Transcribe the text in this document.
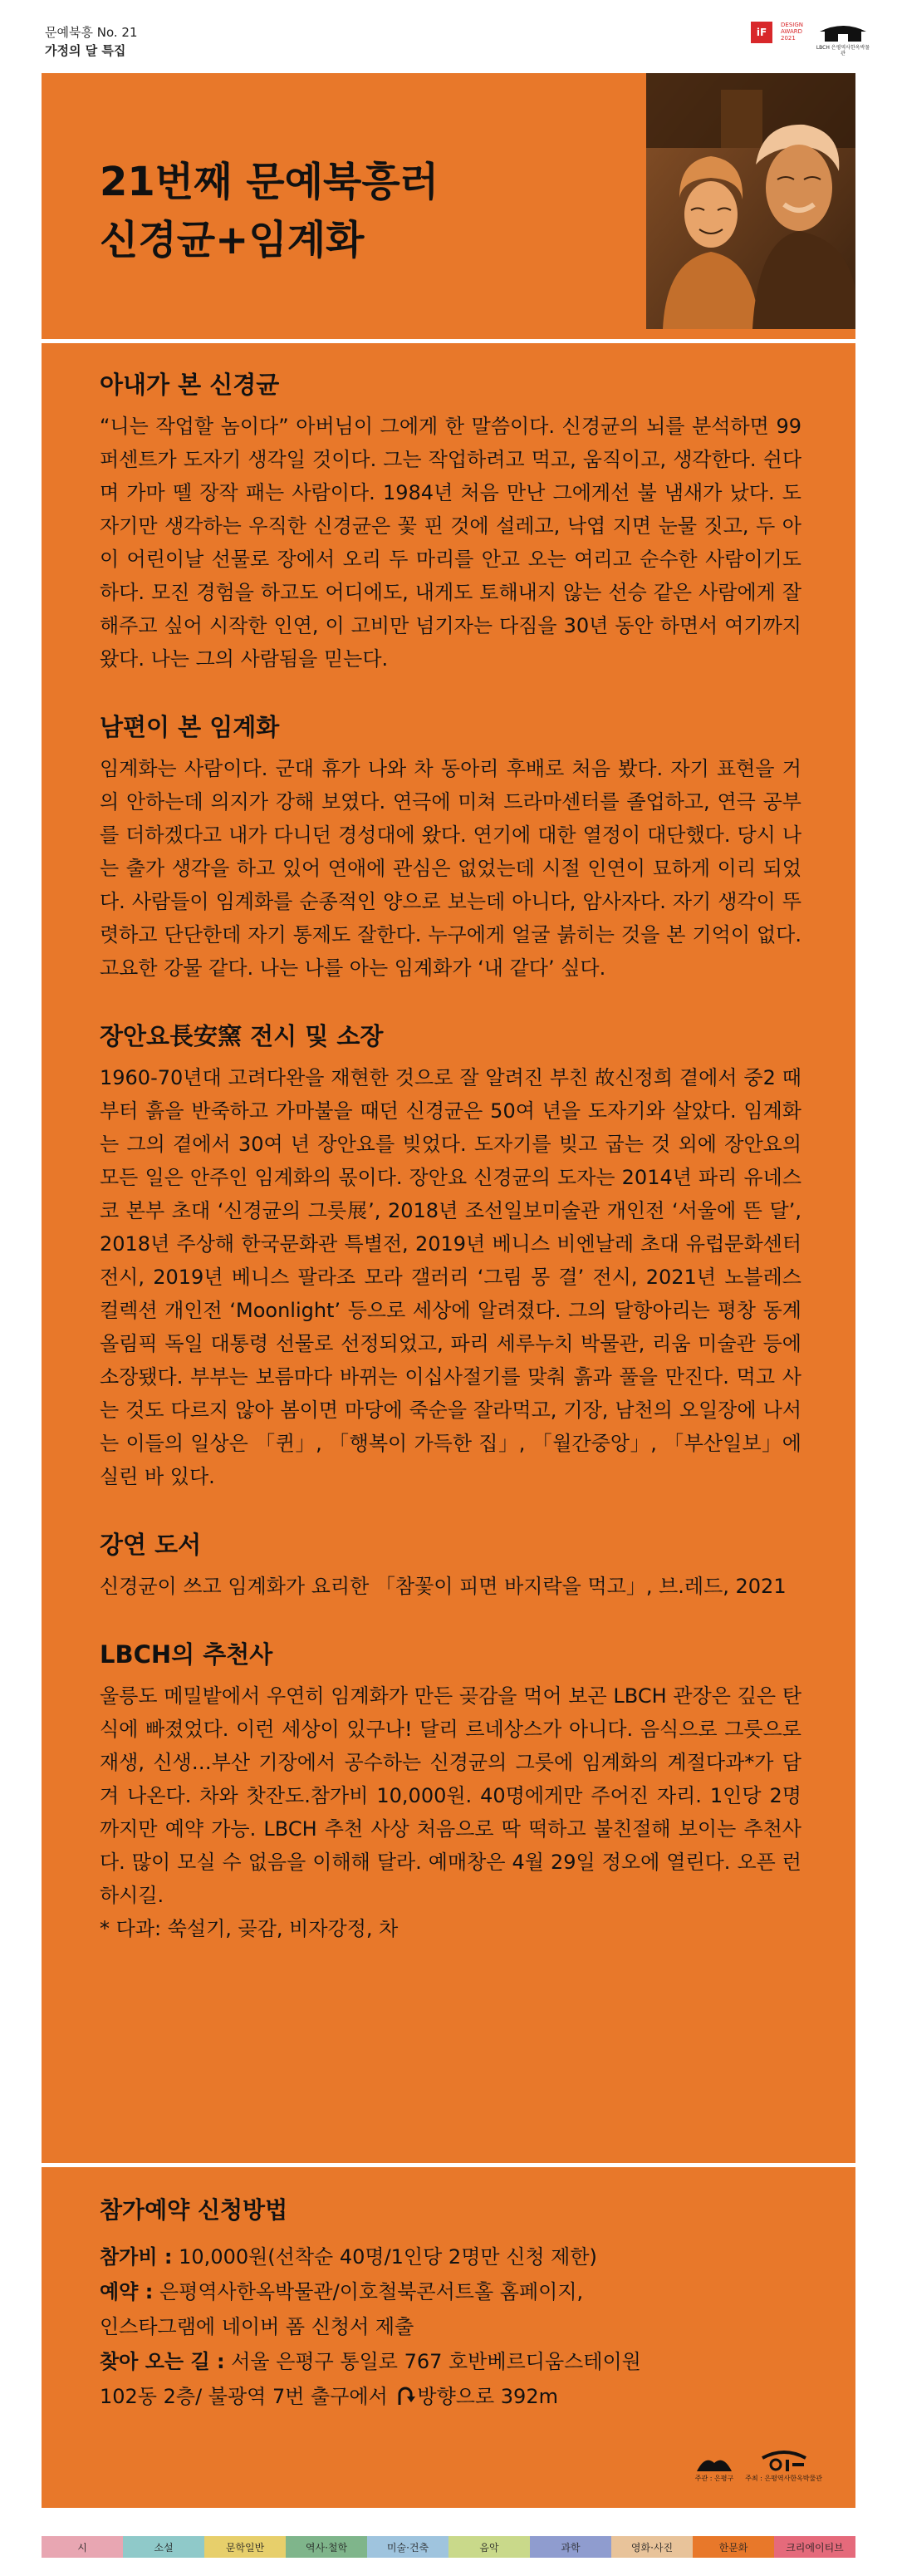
문예북흥 No. 21
가정의 달 특집
iF
DESIGN AWARD 2021
LBCH 은평역사한옥박물관
21번째 문예북흥러
신경균+임계화
아내가 본 신경균

“니는 작업할 놈이다” 아버님이 그에게 한 말씀이다. 신경균의 뇌를 분석하면 99퍼센트가 도자기 생각일 것이다. 그는 작업하려고 먹고, 움직이고, 생각한다. 쉰다며 가마 뗄 장작 패는 사람이다. 1984년 처음 만난 그에게선 불 냄새가 났다. 도자기만 생각하는 우직한 신경균은 꽃 핀 것에 설레고, 낙엽 지면 눈물 짓고, 두 아이 어린이날 선물로 장에서 오리 두 마리를 안고 오는 여리고 순수한 사람이기도 하다. 모진 경험을 하고도 어디에도, 내게도 토해내지 않는 선승 같은 사람에게 잘해주고 싶어 시작한 인연, 이 고비만 넘기자는 다짐을 30년 동안 하면서 여기까지 왔다. 나는 그의 사람됨을 믿는다.

남편이 본 임계화

임계화는 사람이다. 군대 휴가 나와 차 동아리 후배로 처음 봤다. 자기 표현을 거의 안하는데 의지가 강해 보였다. 연극에 미쳐 드라마센터를 졸업하고, 연극 공부를 더하겠다고 내가 다니던 경성대에 왔다. 연기에 대한 열정이 대단했다. 당시 나는 출가 생각을 하고 있어 연애에 관심은 없었는데 시절 인연이 묘하게 이리 되었다. 사람들이 임계화를 순종적인 양으로 보는데 아니다, 암사자다. 자기 생각이 뚜렷하고 단단한데 자기 통제도 잘한다. 누구에게 얼굴 붉히는 것을 본 기억이 없다. 고요한 강물 같다. 나는 나를 아는 임계화가 ‘내 같다’ 싶다.

장안요長安窯 전시 및 소장

1960-70년대 고려다완을 재현한 것으로 잘 알려진 부친 故신정희 곁에서 중2 때부터 흙을 반죽하고 가마불을 때던 신경균은 50여 년을 도자기와 살았다. 임계화는 그의 곁에서 30여 년 장안요를 빚었다. 도자기를 빚고 굽는 것 외에 장안요의 모든 일은 안주인 임계화의 몫이다. 장안요 신경균의 도자는 2014년 파리 유네스코 본부 초대 ‘신경균의 그릇展’, 2018년 조선일보미술관 개인전 ‘서울에 뜬 달’, 2018년 주상해 한국문화관 특별전, 2019년 베니스 비엔날레 초대 유럽문화센터 전시, 2019년 베니스 팔라조 모라 갤러리 ‘그림 몽 결’ 전시, 2021년 노블레스 컬렉션 개인전 ‘Moonlight’ 등으로 세상에 알려졌다. 그의 달항아리는 평창 동계올림픽 독일 대통령 선물로 선정되었고, 파리 세루누치 박물관, 리움 미술관 등에 소장됐다. 부부는 보름마다 바뀌는 이십사절기를 맞춰 흙과 풀을 만진다. 먹고 사는 것도 다르지 않아 봄이면 마당에 죽순을 잘라먹고, 기장, 남천의 오일장에 나서는 이들의 일상은 「퀸」, 「행복이 가득한 집」, 「월간중앙」, 「부산일보」에 실린 바 있다.

강연 도서

신경균이 쓰고 임계화가 요리한 「참꽃이 피면 바지락을 먹고」, 브.레드, 2021

LBCH의 추천사

울릉도 메밀밭에서 우연히 임계화가 만든 곶감을 먹어 보곤 LBCH 관장은 깊은 탄식에 빠졌었다. 이런 세상이 있구나! 달리 르네상스가 아니다. 음식으로 그릇으로 재생, 신생…부산 기장에서 공수하는 신경균의 그릇에 임계화의 계절다과*가 담겨 나온다. 차와 찻잔도.참가비 10,000원. 40명에게만 주어진 자리. 1인당 2명까지만 예약 가능. LBCH 추천 사상 처음으로 딱 떡하고 불친절해 보이는 추천사다. 많이 모실 수 없음을 이해해 달라. 예매창은 4월 29일 정오에 열린다. 오픈 런 하시길.

* 다과: 쑥설기, 곶감, 비자강정, 차

참가예약 신청방법

참가비 : 10,000원(선착순 40명/1인당 2명만 신청 제한)

예약 : 은평역사한옥박물관/이호철북콘서트홀 홈페이지,

인스타그램에 네이버 폼 신청서 제출

찾아 오는 길 : 서울 은평구 통일로 767 호반베르디움스테이원

102동 2층/ 불광역 7번 출구에서 방향으로 392m

주관 : 은평구 주최 : 은평역사한옥박물관
시	소설	문학일반	역사·철학	미술·건축	음악	과학	영화·사진	한문화	크리에이티브
